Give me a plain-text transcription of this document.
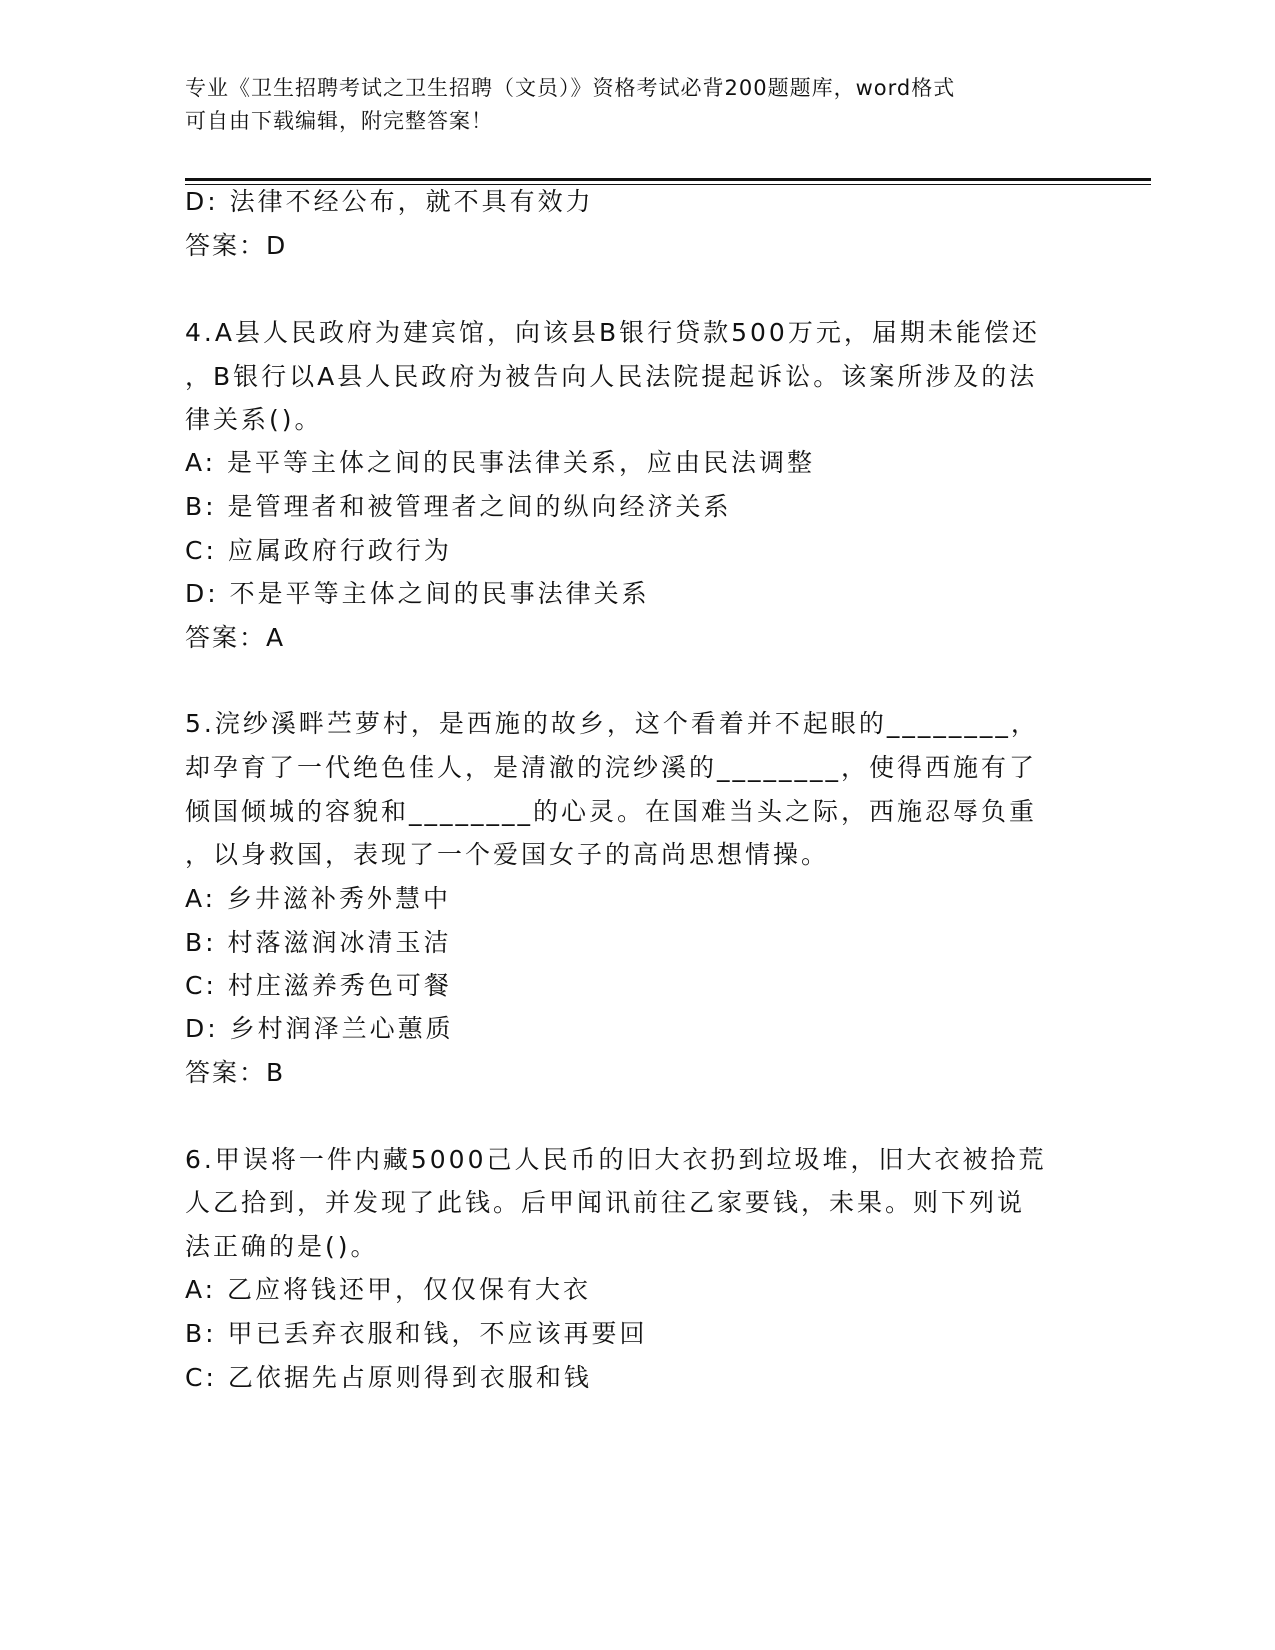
专业《卫生招聘考试之卫生招聘（文员）》资格考试必背200题题库，word格式
可自由下载编辑，附完整答案！
D: 法律不经公布，就不具有效力
答案：D
4.A县人民政府为建宾馆，向该县B银行贷款500万元，届期未能偿还
，B银行以A县人民政府为被告向人民法院提起诉讼。该案所涉及的法
律关系()。
A: 是平等主体之间的民事法律关系，应由民法调整
B: 是管理者和被管理者之间的纵向经济关系
C: 应属政府行政行为
D: 不是平等主体之间的民事法律关系
答案：A
5.浣纱溪畔苎萝村，是西施的故乡，这个看着并不起眼的________，
却孕育了一代绝色佳人，是清澈的浣纱溪的________，使得西施有了
倾国倾城的容貌和________的心灵。在国难当头之际，西施忍辱负重
，以身救国，表现了一个爱国女子的高尚思想情操。
A: 乡井滋补秀外慧中
B: 村落滋润冰清玉洁
C: 村庄滋养秀色可餐
D: 乡村润泽兰心蕙质
答案：B
6.甲误将一件内藏5000己人民币的旧大衣扔到垃圾堆，旧大衣被拾荒
人乙拾到，并发现了此钱。后甲闻讯前往乙家要钱，未果。则下列说
法正确的是()。
A: 乙应将钱还甲，仅仅保有大衣
B: 甲已丢弃衣服和钱，不应该再要回
C: 乙依据先占原则得到衣服和钱
